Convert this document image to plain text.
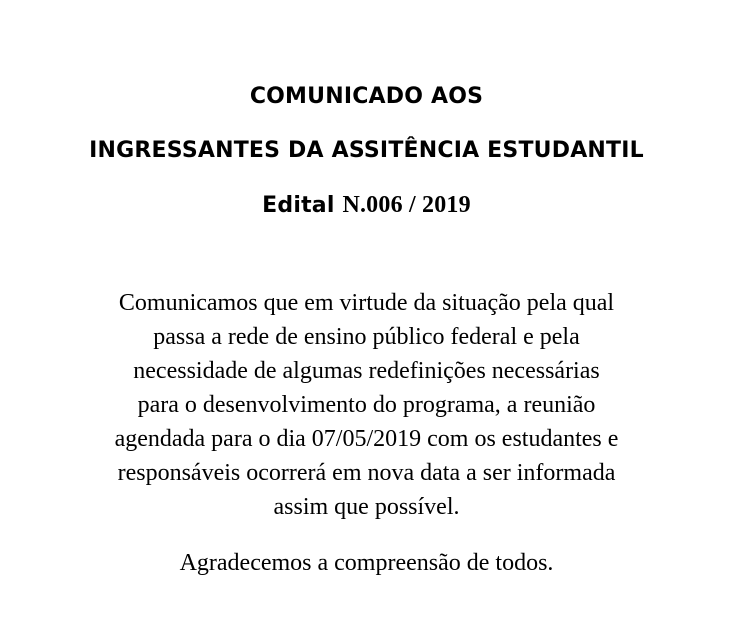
COMUNICADO AOS
INGRESSANTES DA ASSITÊNCIA ESTUDANTIL
Edital N.006 / 2019
Comunicamos que em virtude da situação pela qual
passa a rede de ensino público federal e pela
necessidade de algumas redefinições necessárias
para o desenvolvimento do programa, a reunião
agendada para o dia 07/05/2019 com os estudantes e
responsáveis ocorrerá em nova data a ser informada
assim que possível.
Agradecemos a compreensão de todos.
